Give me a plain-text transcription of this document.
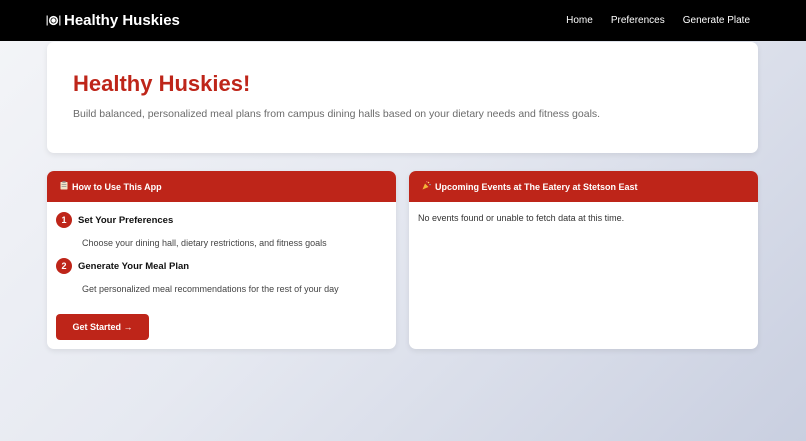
Healthy Huskies	Home Preferences Generate Plate
Healthy Huskies!
Build balanced, personalized meal plans from campus dining halls based on your dietary needs and fitness goals.
How to Use This App
1	Set Your Preferences
Choose your dining hall, dietary restrictions, and fitness goals
2	Generate Your Meal Plan
Get personalized meal recommendations for the rest of your day
Get Started →
Upcoming Events at The Eatery at Stetson East
No events found or unable to fetch data at this time.
